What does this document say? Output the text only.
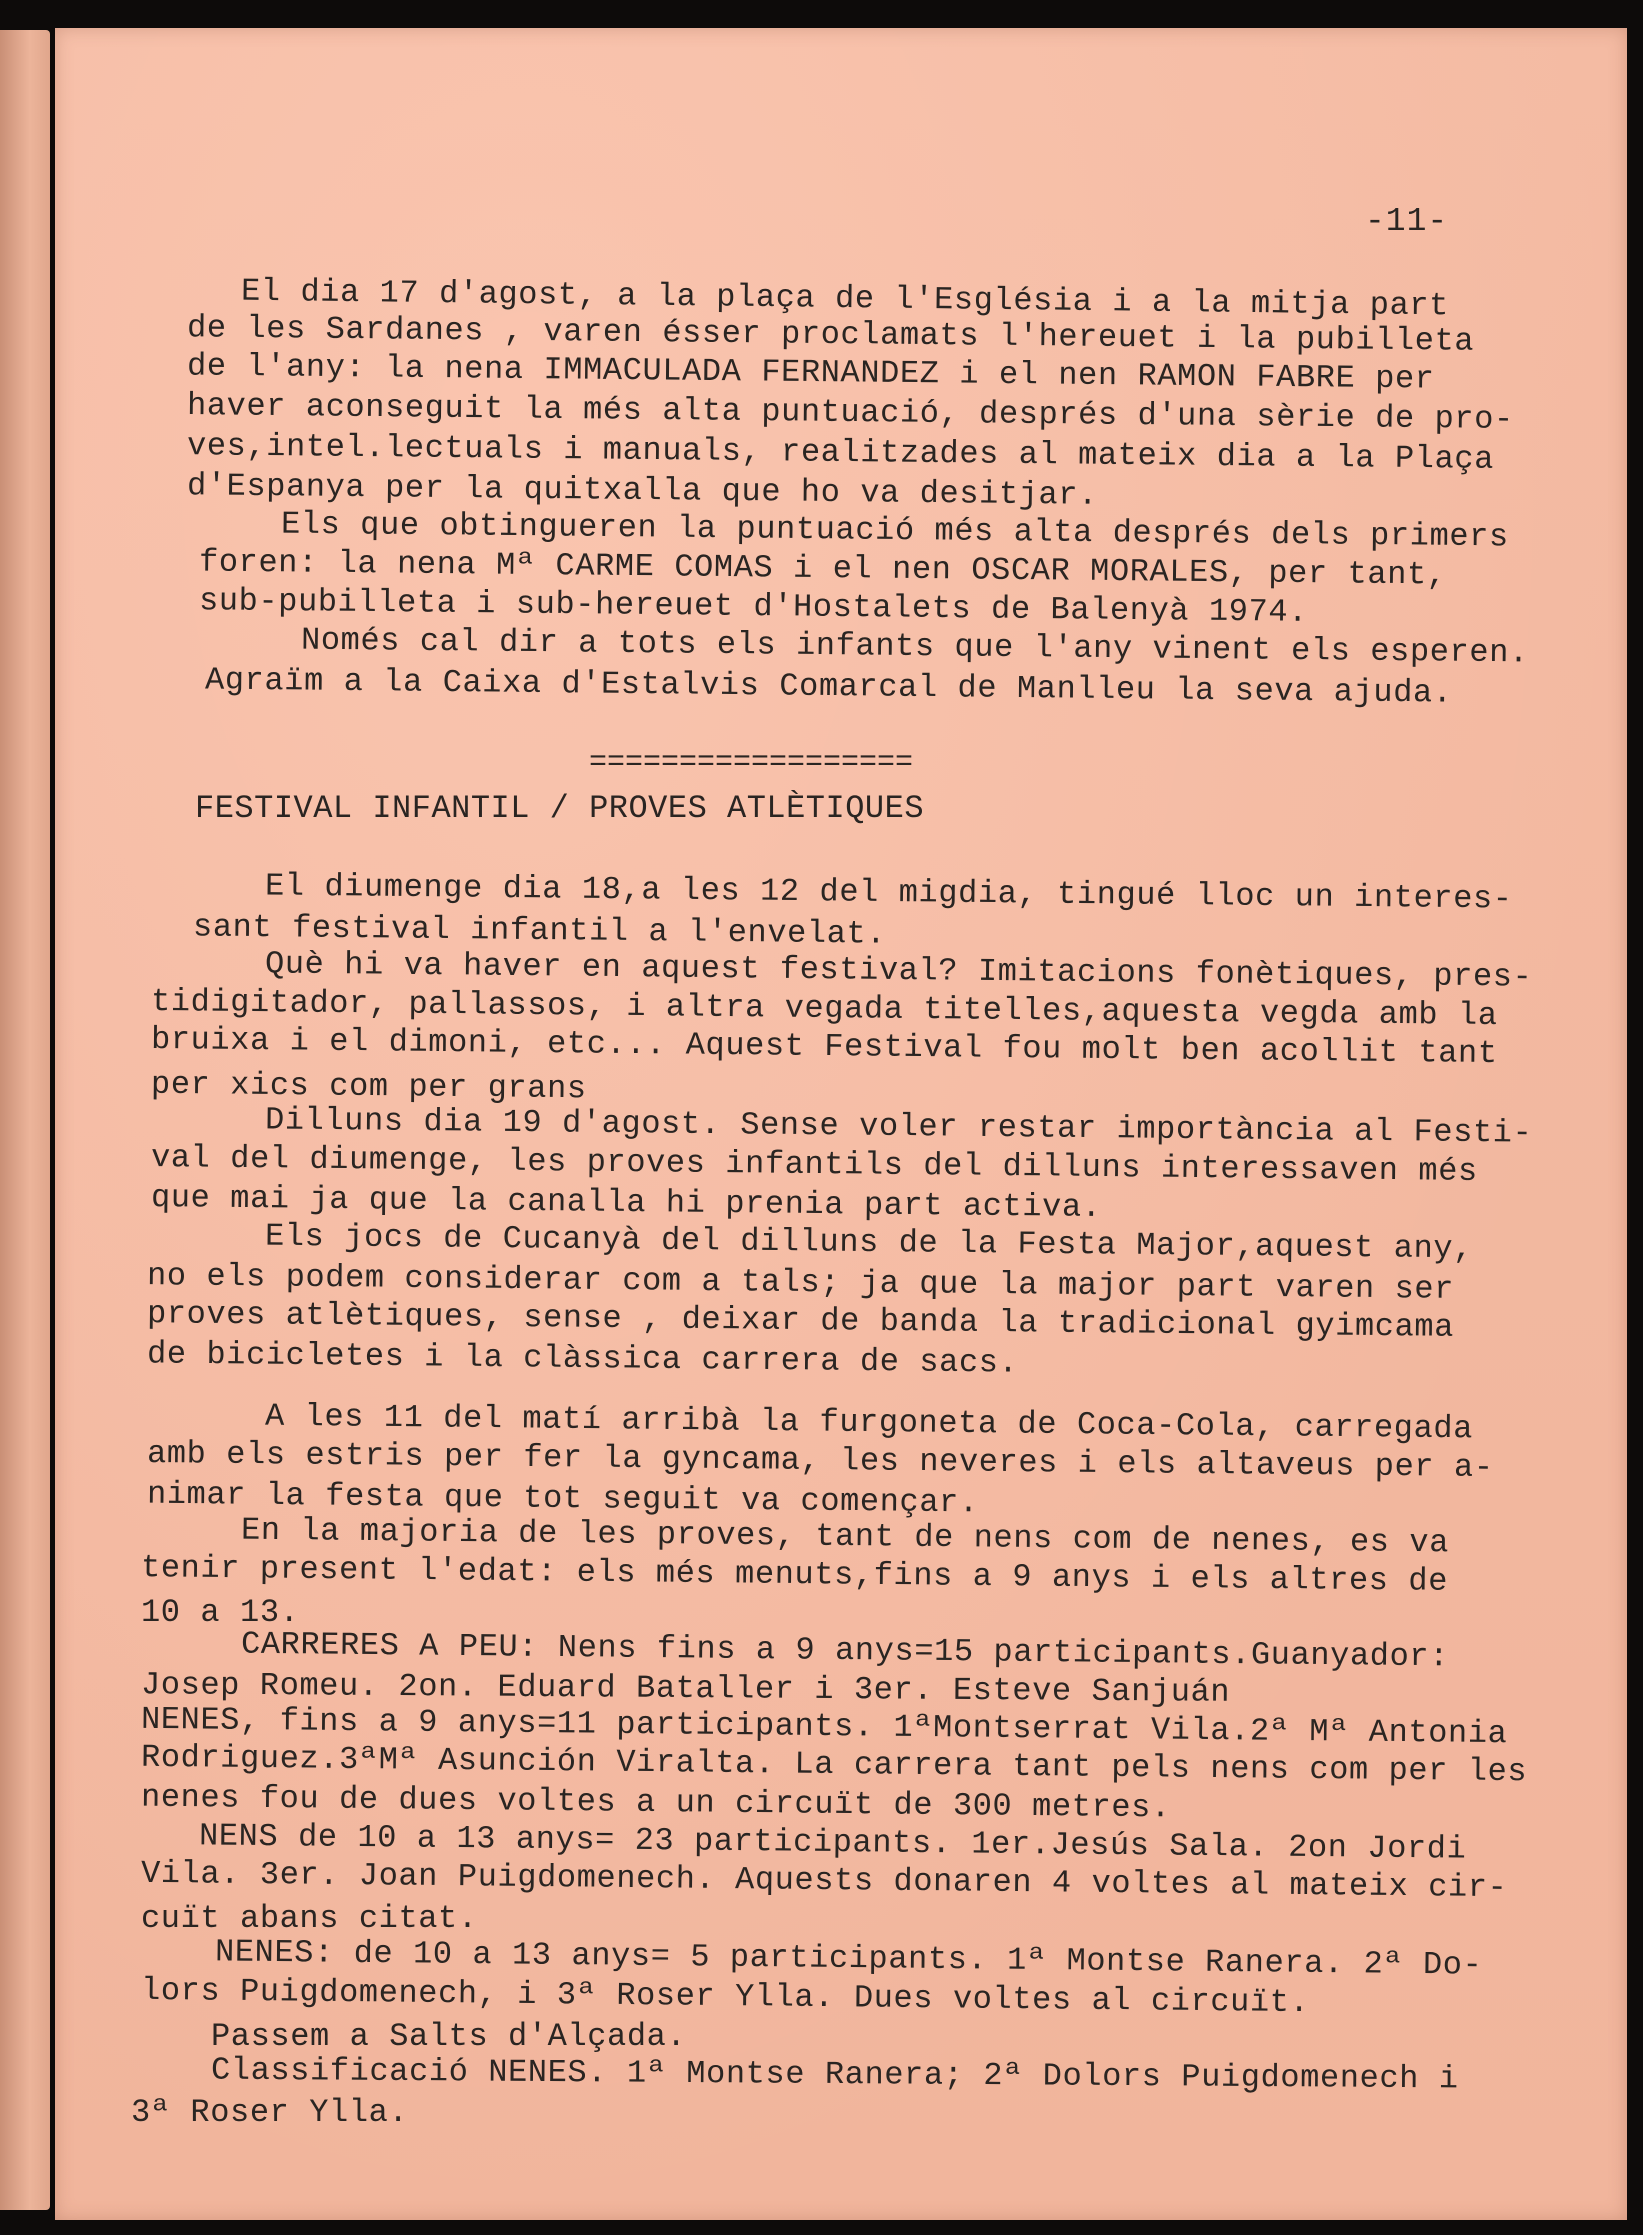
-11-
El dia 17 d'agost, a la plaça de l'Església i a la mitja part
de les Sardanes , varen ésser proclamats l'hereuet i la pubilleta
de l'any: la nena IMMACULADA FERNANDEZ i el nen RAMON FABRE per
haver aconseguit la més alta puntuació, després d'una sèrie de pro-
ves,intel.lectuals i manuals, realitzades al mateix dia a la Plaça
d'Espanya per la quitxalla que ho va desitjar.
Els que obtingueren la puntuació més alta després dels primers
foren: la nena Mª CARME COMAS i el nen OSCAR MORALES, per tant,
sub-pubilleta i sub-hereuet d'Hostalets de Balenyà 1974.
Només cal dir a tots els infants que l'any vinent els esperen.
Agraïm a la Caixa d'Estalvis Comarcal de Manlleu la seva ajuda.
==================
FESTIVAL INFANTIL / PROVES ATLÈTIQUES
El diumenge dia 18,a les 12 del migdia, tingué lloc un interes-
sant festival infantil a l'envelat.
Què hi va haver en aquest festival? Imitacions fonètiques, pres-
tidigitador, pallassos, i altra vegada titelles,aquesta vegda amb la
bruixa i el dimoni, etc... Aquest Festival fou molt ben acollit tant
per xics com per grans
Dilluns dia 19 d'agost. Sense voler restar importància al Festi-
val del diumenge, les proves infantils del dilluns interessaven més
que mai ja que la canalla hi prenia part activa.
Els jocs de Cucanyà del dilluns de la Festa Major,aquest any,
no els podem considerar com a tals; ja que la major part varen ser
proves atlètiques, sense , deixar de banda la tradicional gyimcama
de bicicletes i la clàssica carrera de sacs.
A les 11 del matí arribà la furgoneta de Coca-Cola, carregada
amb els estris per fer la gyncama, les neveres i els altaveus per a-
nimar la festa que tot seguit va començar.
En la majoria de les proves, tant de nens com de nenes, es va
tenir present l'edat: els més menuts,fins a 9 anys i els altres de
10 a 13.
CARRERES A PEU: Nens fins a 9 anys=15 participants.Guanyador:
Josep Romeu. 2on. Eduard Bataller i 3er. Esteve Sanjuán
NENES, fins a 9 anys=11 participants. 1ªMontserrat Vila.2ª Mª Antonia
Rodriguez.3ªMª Asunción Viralta. La carrera tant pels nens com per les
nenes fou de dues voltes a un circuït de 300 metres.
NENS de 10 a 13 anys= 23 participants. 1er.Jesús Sala. 2on Jordi
Vila. 3er. Joan Puigdomenech. Aquests donaren 4 voltes al mateix cir-
cuït abans citat.
NENES: de 10 a 13 anys= 5 participants. 1ª Montse Ranera. 2ª Do-
lors Puigdomenech, i 3ª Roser Ylla. Dues voltes al circuït.
Passem a Salts d'Alçada.
Classificació NENES. 1ª Montse Ranera; 2ª Dolors Puigdomenech i
3ª Roser Ylla.
